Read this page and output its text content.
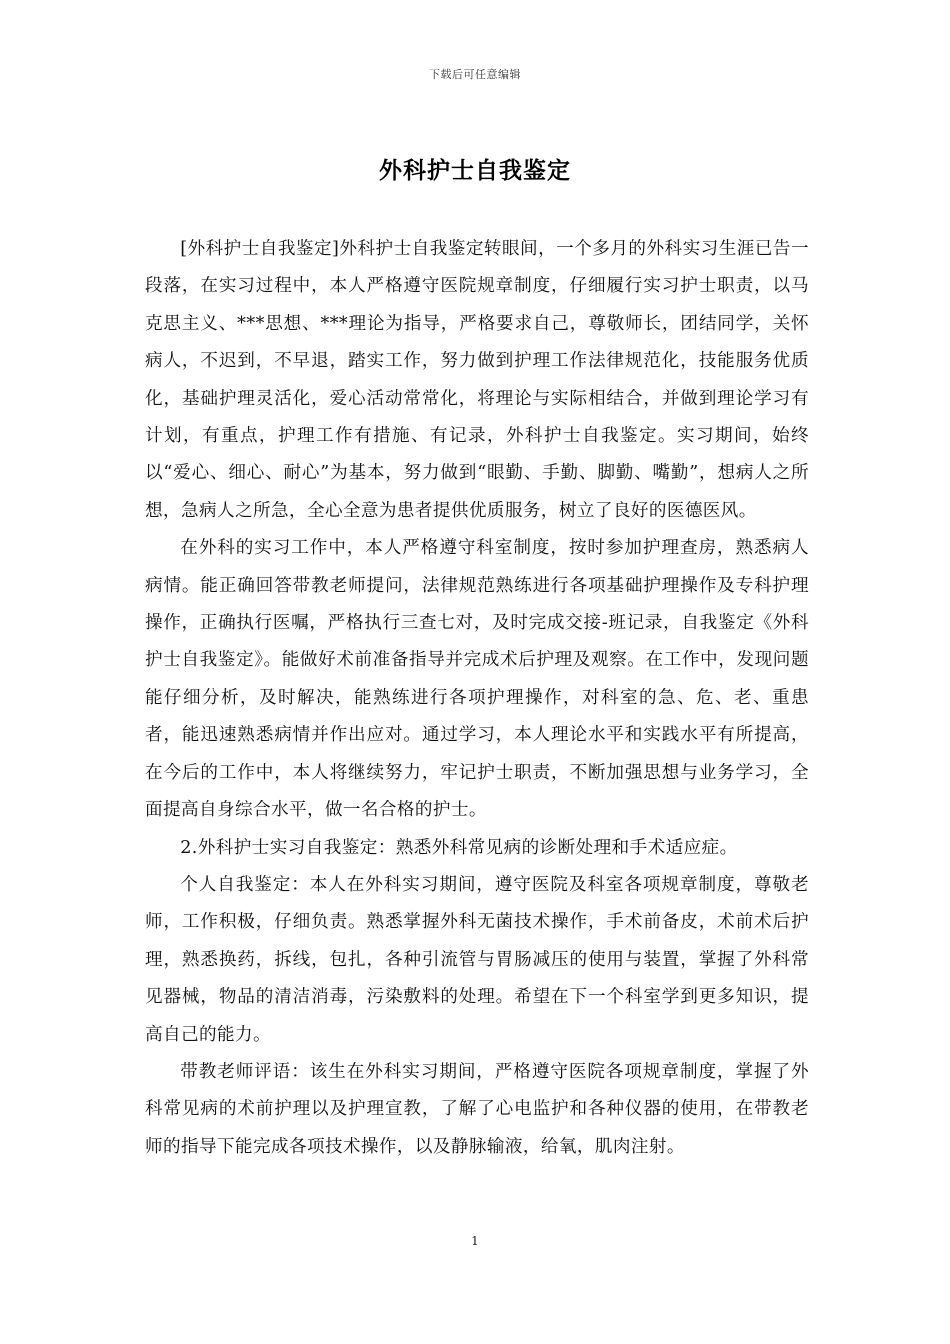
下载后可任意编辑
外科护士自我鉴定

[外科护士自我鉴定]外科护士自我鉴定转眼间，一个多月的外科实习生涯已告一段落，在实习过程中，本人严格遵守医院规章制度，仔细履行实习护士职责，以马克思主义、***思想、***理论为指导，严格要求自己，尊敬师长，团结同学，关怀病人，不迟到，不早退，踏实工作，努力做到护理工作法律规范化，技能服务优质化，基础护理灵活化，爱心活动常常化，将理论与实际相结合，并做到理论学习有计划，有重点，护理工作有措施、有记录，外科护士自我鉴定。实习期间，始终以“爱心、细心、耐心”为基本，努力做到“眼勤、手勤、脚勤、嘴勤”，想病人之所想，急病人之所急，全心全意为患者提供优质服务，树立了良好的医德医风。

在外科的实习工作中，本人严格遵守科室制度，按时参加护理查房，熟悉病人病情。能正确回答带教老师提问，法律规范熟练进行各项基础护理操作及专科护理操作，正确执行医嘱，严格执行三查七对，及时完成交接-班记录，自我鉴定《外科护士自我鉴定》。能做好术前准备指导并完成术后护理及观察。在工作中，发现问题能仔细分析，及时解决，能熟练进行各项护理操作，对科室的急、危、老、重患者，能迅速熟悉病情并作出应对。通过学习，本人理论水平和实践水平有所提高，在今后的工作中，本人将继续努力，牢记护士职责，不断加强思想与业务学习，全面提高自身综合水平，做一名合格的护士。

2.外科护士实习自我鉴定：熟悉外科常见病的诊断处理和手术适应症。

个人自我鉴定：本人在外科实习期间，遵守医院及科室各项规章制度，尊敬老师，工作积极，仔细负责。熟悉掌握外科无菌技术操作，手术前备皮，术前术后护理，熟悉换药，拆线，包扎，各种引流管与胃肠减压的使用与装置，掌握了外科常见器械，物品的清洁消毒，污染敷料的处理。希望在下一个科室学到更多知识，提高自己的能力。

带教老师评语：该生在外科实习期间，严格遵守医院各项规章制度，掌握了外科常见病的术前护理以及护理宣教，了解了心电监护和各种仪器的使用，在带教老师的指导下能完成各项技术操作，以及静脉输液，给氧，肌肉注射。

1
